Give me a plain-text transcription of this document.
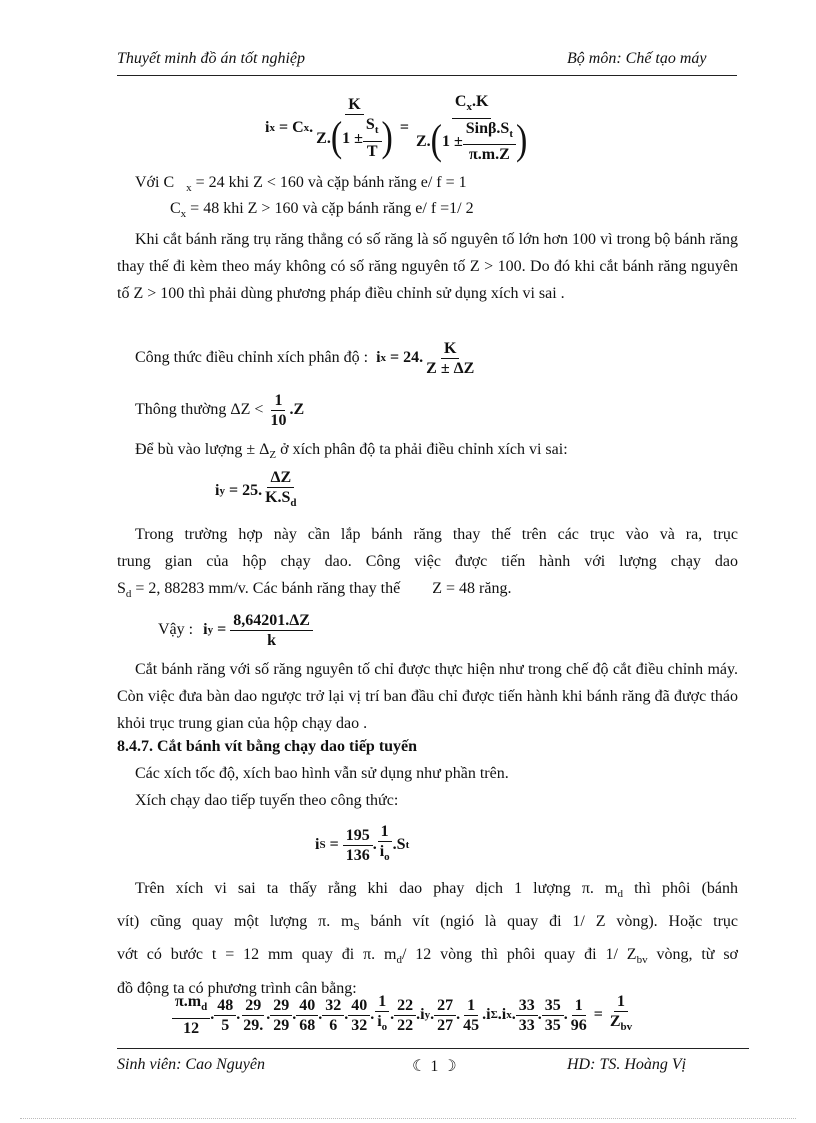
Thuyết minh đồ án tốt nghiệp	Bộ môn: Chế tạo máy
i x = C x .
K
Z. ( $1 \pm \frac{S_t}{T}$ ) =
$C_x.K$
Z. ( 1 ±
$Sin\beta.S_t$
π.m.Z )
Với C $_x$ = 24 khi Z < 160 và cặp bánh răng e/ f = 1
$C_x = 48$ khi Z > 160 và cặp bánh răng e/ f =1/ 2
Khi cắt bánh răng trụ răng thẳng có số răng là số nguyên tố lớn hơn 100 vì trong bộ bánh răng thay thế đi kèm theo máy không có số răng nguyên tố Z > 100. Do đó khi cắt bánh răng nguyên tố Z > 100 thì phải dùng phương pháp điều chỉnh sử dụng xích vi sai .
Công thức điều chỉnh xích phân độ : i x = 24.
K
Z ± ΔZ
Thông thường ΔZ <
1
10
.Z
Để bù vào lượng ± $\Delta_Z$ ở xích phân độ ta phải điều chỉnh xích vi sai:
i y = 25.
ΔZ
$K.S_d$
Trong trường hợp này cần lắp bánh răng thay thế trên các trục vào và ra, trục
trung gian của hộp chạy dao. Công việc được tiến hành với lượng chạy dao
$S_d = 2$, 88283 mm/v. Các bánh răng thay thế        Z = 48 răng.
Vậy : i $y = \frac{8,64201.\Delta Z}{k}$
Cắt bánh răng với số răng nguyên tố chỉ được thực hiện như trong chế độ cắt điều chỉnh máy. Còn việc đưa bàn dao ngược trở lại vị trí ban đầu chỉ được tiến hành khi bánh răng đã được tháo khỏi trục trung gian của hộp chạy dao .
8.4.7. Cắt bánh vít bằng chạy dao tiếp tuyến
Các xích tốc độ, xích bao hình vẫn sử dụng như phần trên.
Xích chạy dao tiếp tuyến theo công thức:
i $S = \frac{195}{136}$ .
1
$i_o$
.S t
Trên xích vi sai ta thấy rằng khi dao phay dịch 1 lượng π. $m_d$ thì phôi (bánh
vít) cũng quay một lượng π. $m_S$ bánh vít (ngió là quay đi 1/ Z vòng). Hoặc trục
vớt có bước t = 12 mm quay đi π. $m_d/$ 12 vòng thì phôi quay đi 1/ $Z_{bv}$ vòng, từ sơ
đồ động ta có phương trình cân bằng:
$\pi.m_d$
12
.
48
5
.
29
29.
.
29
29
.
40
68
.
32
6
.
40
32
.
1
$i_o$
.
22
22
.i y .
27
27
.
1
45
.i Σ .i x .
33
33
.
35
35
. $\frac{1}{96}$ =
1
$Z_{bv}$
Sinh viên: Cao Nguyên	☾ 1 ☽	HD: TS. Hoàng Vị
